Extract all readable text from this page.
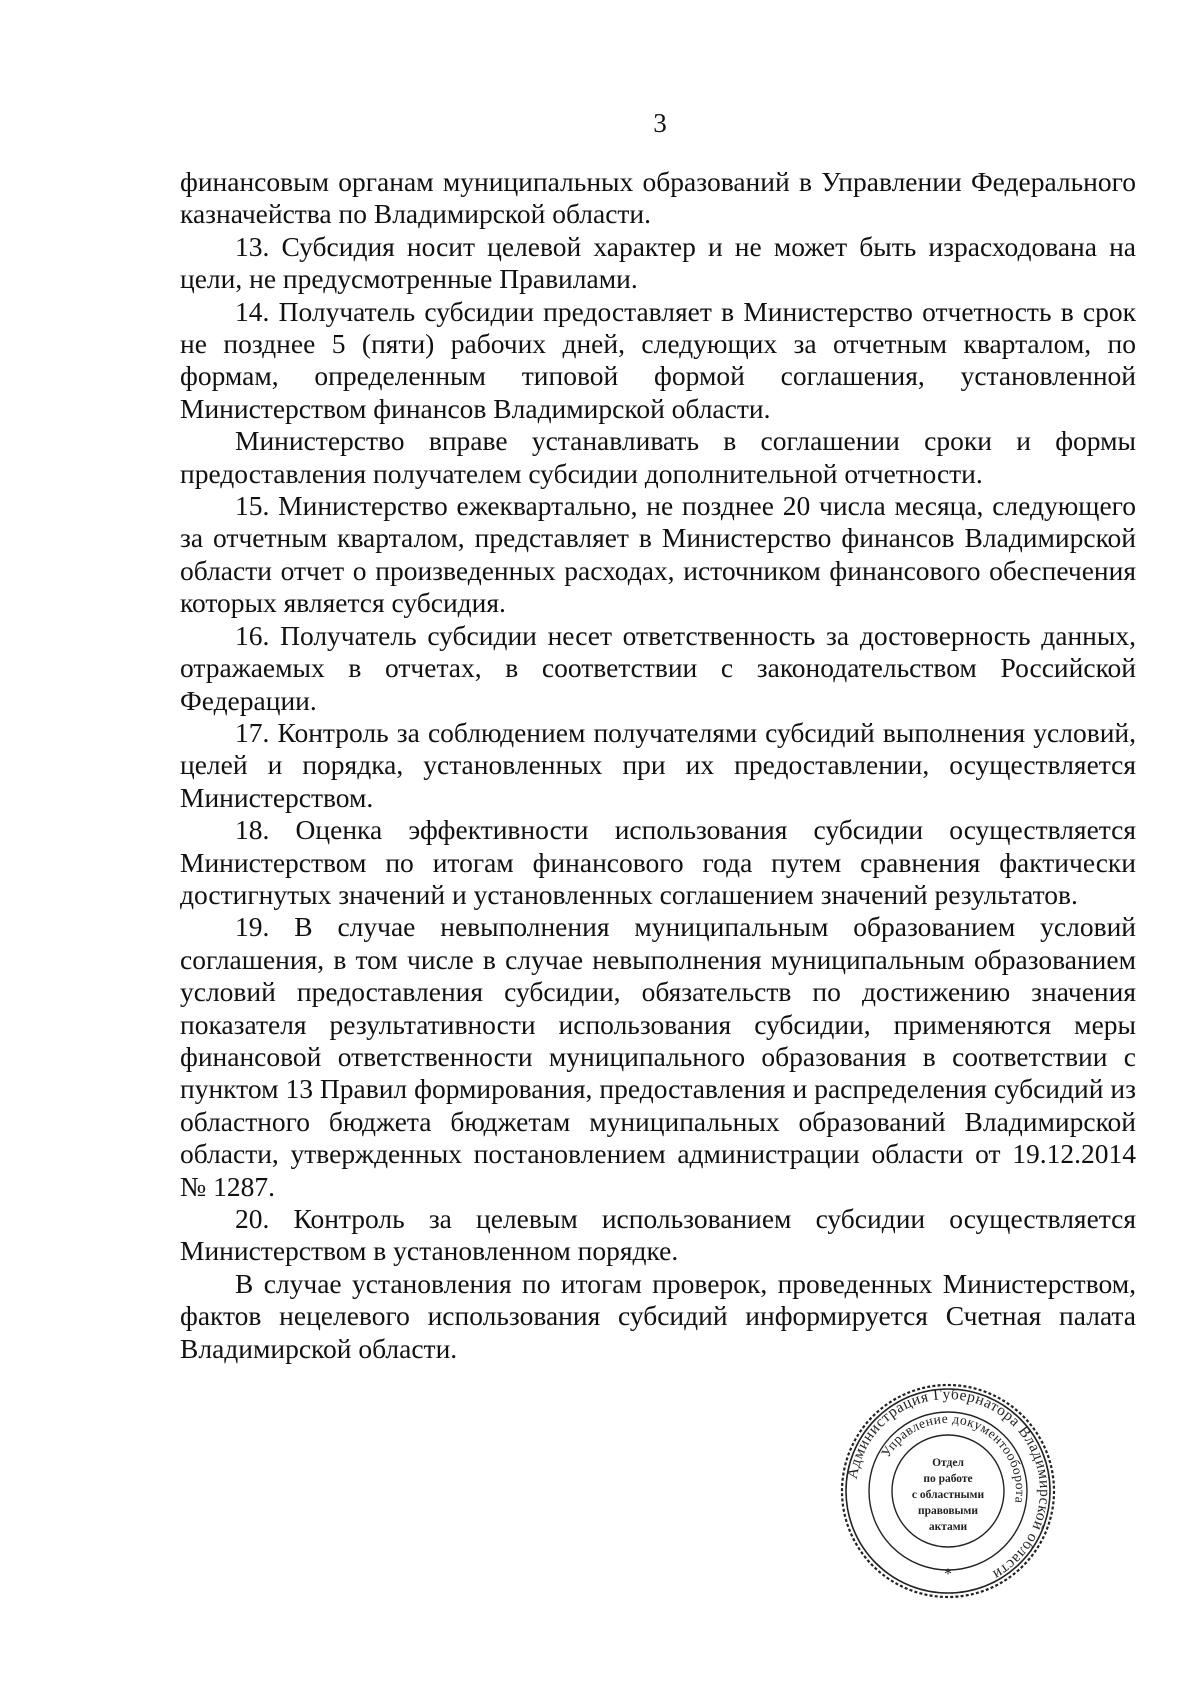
3

финансовым органам муниципальных образований в Управлении Федерального казначейства по Владимирской области.

13. Субсидия носит целевой характер и не может быть израсходована на цели, не предусмотренные Правилами.

14. Получатель субсидии предоставляет в Министерство отчетность в срок не позднее 5 (пяти) рабочих дней, следующих за отчетным кварталом, по формам, определенным типовой формой соглашения, установленной Министерством финансов Владимирской области.

Министерство вправе устанавливать в соглашении сроки и формы предоставления получателем субсидии дополнительной отчетности.

15. Министерство ежеквартально, не позднее 20 числа месяца, следующего за отчетным кварталом, представляет в Министерство финансов Владимирской области отчет о произведенных расходах, источником финансового обеспечения которых является субсидия.

16. Получатель субсидии несет ответственность за достоверность данных, отражаемых в отчетах, в соответствии с законодательством Российской Федерации.

17. Контроль за соблюдением получателями субсидий выполнения условий, целей и порядка, установленных при их предоставлении, осуществляется Министерством.

18. Оценка эффективности использования субсидии осуществляется Министерством по итогам финансового года путем сравнения фактически достигнутых значений и установленных соглашением значений результатов.

19. В случае невыполнения муниципальным образованием условий соглашения, в том числе в случае невыполнения муниципальным образованием условий предоставления субсидии, обязательств по достижению значения показателя результативности использования субсидии, применяются меры финансовой ответственности муниципального образования в соответствии с пунктом 13 Правил формирования, предоставления и распределения субсидий из областного бюджета бюджетам муниципальных образований Владимирской области, утвержденных постановлением администрации области от 19.12.2014 № 1287.

20. Контроль за целевым использованием субсидии осуществляется Министерством в установленном порядке.

В случае установления по итогам проверок, проведенных Министерством, фактов нецелевого использования субсидий информируется Счетная палата Владимирской области.

Администрация Губернатора Владимирской области
Управление документооборота
*
Отдел
по работе
с областными
правовыми
актами
